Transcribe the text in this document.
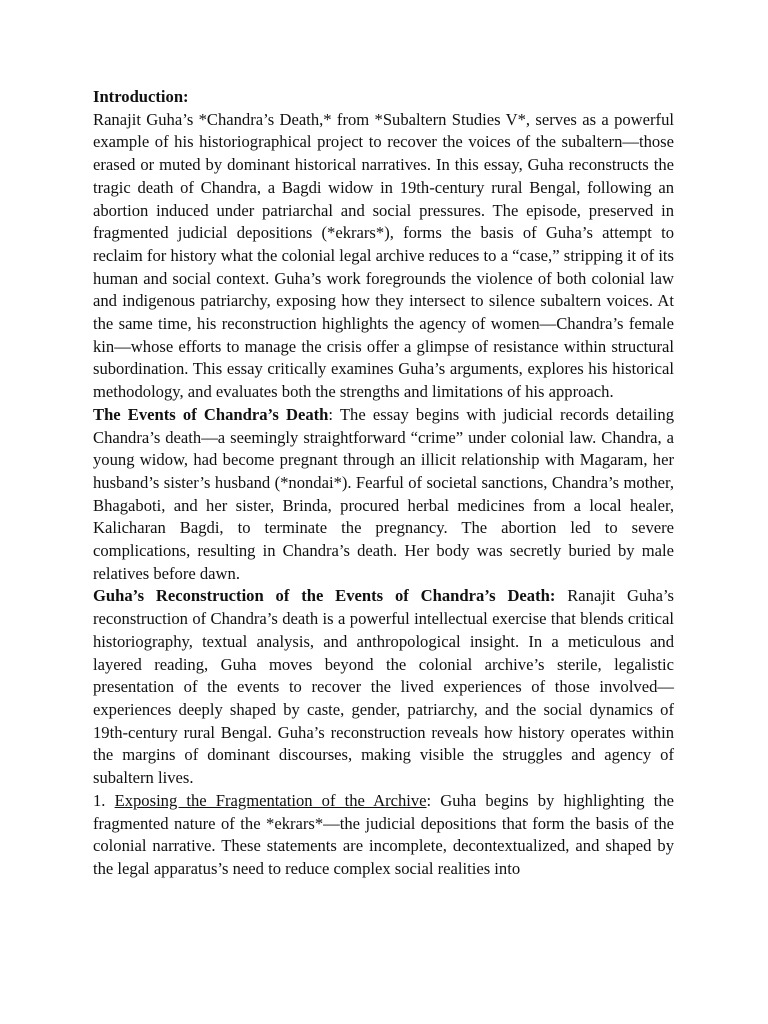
Introduction:

Ranajit Guha’s *Chandra’s Death,* from *Subaltern Studies V*, serves as a powerful example of his historiographical project to recover the voices of the subaltern—those erased or muted by dominant historical narratives. In this essay, Guha reconstructs the tragic death of Chandra, a Bagdi widow in 19th-century rural Bengal, following an abortion induced under patriarchal and social pressures. The episode, preserved in fragmented judicial depositions (*ekrars*), forms the basis of Guha’s attempt to reclaim for history what the colonial legal archive reduces to a “case,” stripping it of its human and social context. Guha’s work foregrounds the violence of both colonial law and indigenous patriarchy, exposing how they intersect to silence subaltern voices. At the same time, his reconstruction highlights the agency of women—Chandra’s female kin—whose efforts to manage the crisis offer a glimpse of resistance within structural subordination. This essay critically examines Guha’s arguments, explores his historical methodology, and evaluates both the strengths and limitations of his approach.

The Events of Chandra’s Death: The essay begins with judicial records detailing Chandra’s death—a seemingly straightforward “crime” under colonial law. Chandra, a young widow, had become pregnant through an illicit relationship with Magaram, her husband’s sister’s husband (*nondai*). Fearful of societal sanctions, Chandra’s mother, Bhagaboti, and her sister, Brinda, procured herbal medicines from a local healer, Kalicharan Bagdi, to terminate the pregnancy. The abortion led to severe complications, resulting in Chandra’s death. Her body was secretly buried by male relatives before dawn.

Guha’s Reconstruction of the Events of Chandra’s Death: Ranajit Guha’s reconstruction of Chandra’s death is a powerful intellectual exercise that blends critical historiography, textual analysis, and anthropological insight. In a meticulous and layered reading, Guha moves beyond the colonial archive’s sterile, legalistic presentation of the events to recover the lived experiences of those involved—experiences deeply shaped by caste, gender, patriarchy, and the social dynamics of 19th-century rural Bengal. Guha’s reconstruction reveals how history operates within the margins of dominant discourses, making visible the struggles and agency of subaltern lives.

1. Exposing the Fragmentation of the Archive: Guha begins by highlighting the fragmented nature of the *ekrars*—the judicial depositions that form the basis of the colonial narrative. These statements are incomplete, decontextualized, and shaped by the legal apparatus’s need to reduce complex social realities into
